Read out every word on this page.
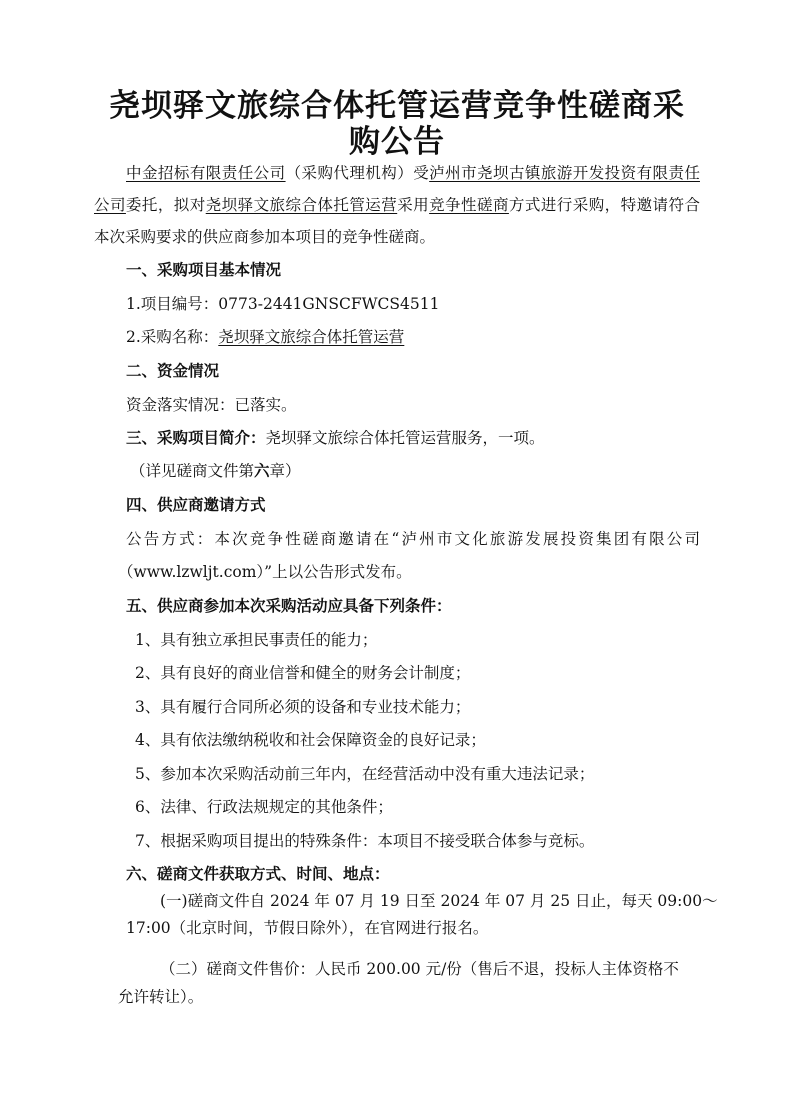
尧坝驿文旅综合体托管运营竞争性磋商采
购公告
中金招标有限责任公司（采购代理机构）受泸州市尧坝古镇旅游开发投资有限责任
公司委托，拟对尧坝驿文旅综合体托管运营采用竞争性磋商方式进行采购，特邀请符合
本次采购要求的供应商参加本项目的竞争性磋商。
一、采购项目基本情况
1.项目编号：0773-2441GNSCFWCS4511
2.采购名称：尧坝驿文旅综合体托管运营
二、资金情况
资金落实情况：已落实。
三、采购项目简介：尧坝驿文旅综合体托管运营服务，一项。
（详见磋商文件第六章）
四、供应商邀请方式
公告方式：本次竞争性磋商邀请在“泸州市文化旅游发展投资集团有限公司
（www.lzwljt.com）”上以公告形式发布。
五、供应商参加本次采购活动应具备下列条件：
1、具有独立承担民事责任的能力；
2、具有良好的商业信誉和健全的财务会计制度；
3、具有履行合同所必须的设备和专业技术能力；
4、具有依法缴纳税收和社会保障资金的良好记录；
5、参加本次采购活动前三年内，在经营活动中没有重大违法记录；
6、法律、行政法规规定的其他条件；
7、根据采购项目提出的特殊条件：本项目不接受联合体参与竞标。
六、磋商文件获取方式、时间、地点：
(一)磋商文件自 2024 年 07 月 19 日至 2024 年 07 月 25 日止，每天 09:00～
17:00（北京时间，节假日除外），在官网进行报名。
（二）磋商文件售价：人民币 200.00 元/份（售后不退，投标人主体资格不
允许转让）。
